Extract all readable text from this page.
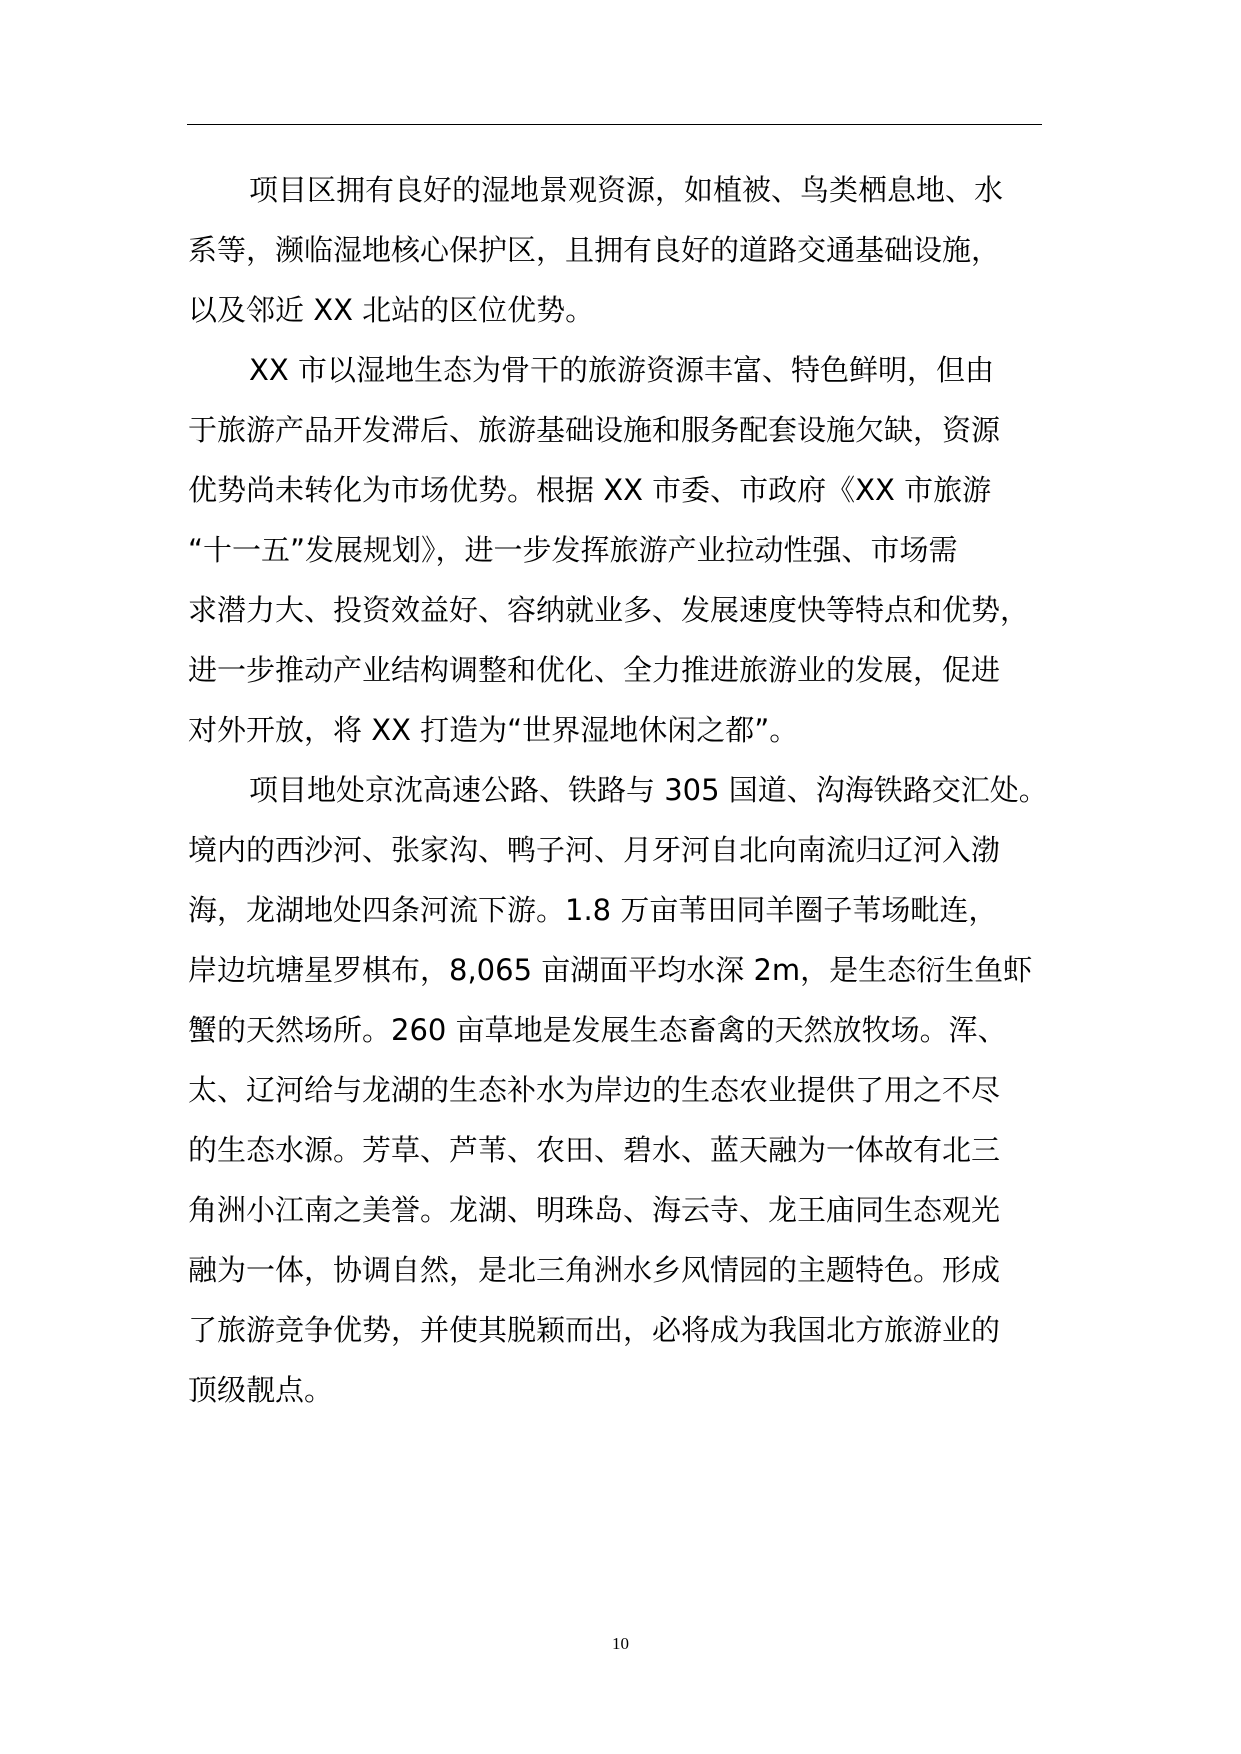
项目区拥有良好的湿地景观资源，如植被、鸟类栖息地、水
系等，濒临湿地核心保护区，且拥有良好的道路交通基础设施，
以及邻近 XX 北站的区位优势。
XX 市以湿地生态为骨干的旅游资源丰富、特色鲜明，但由
于旅游产品开发滞后、旅游基础设施和服务配套设施欠缺，资源
优势尚未转化为市场优势。根据 XX 市委、市政府《XX 市旅游
“十一五”发展规划》，进一步发挥旅游产业拉动性强、市场需
求潜力大、投资效益好、容纳就业多、发展速度快等特点和优势，
进一步推动产业结构调整和优化、全力推进旅游业的发展，促进
对外开放，将 XX 打造为“世界湿地休闲之都”。
项目地处京沈高速公路、铁路与 305 国道、沟海铁路交汇处。
境内的西沙河、张家沟、鸭子河、月牙河自北向南流归辽河入渤
海，龙湖地处四条河流下游。1.8 万亩苇田同羊圈子苇场毗连，
岸边坑塘星罗棋布，8,065 亩湖面平均水深 2m，是生态衍生鱼虾
蟹的天然场所。260 亩草地是发展生态畜禽的天然放牧场。浑、
太、辽河给与龙湖的生态补水为岸边的生态农业提供了用之不尽
的生态水源。芳草、芦苇、农田、碧水、蓝天融为一体故有北三
角洲小江南之美誉。龙湖、明珠岛、海云寺、龙王庙同生态观光
融为一体，协调自然，是北三角洲水乡风情园的主题特色。形成
了旅游竞争优势，并使其脱颖而出，必将成为我国北方旅游业的
顶级靓点。
10
